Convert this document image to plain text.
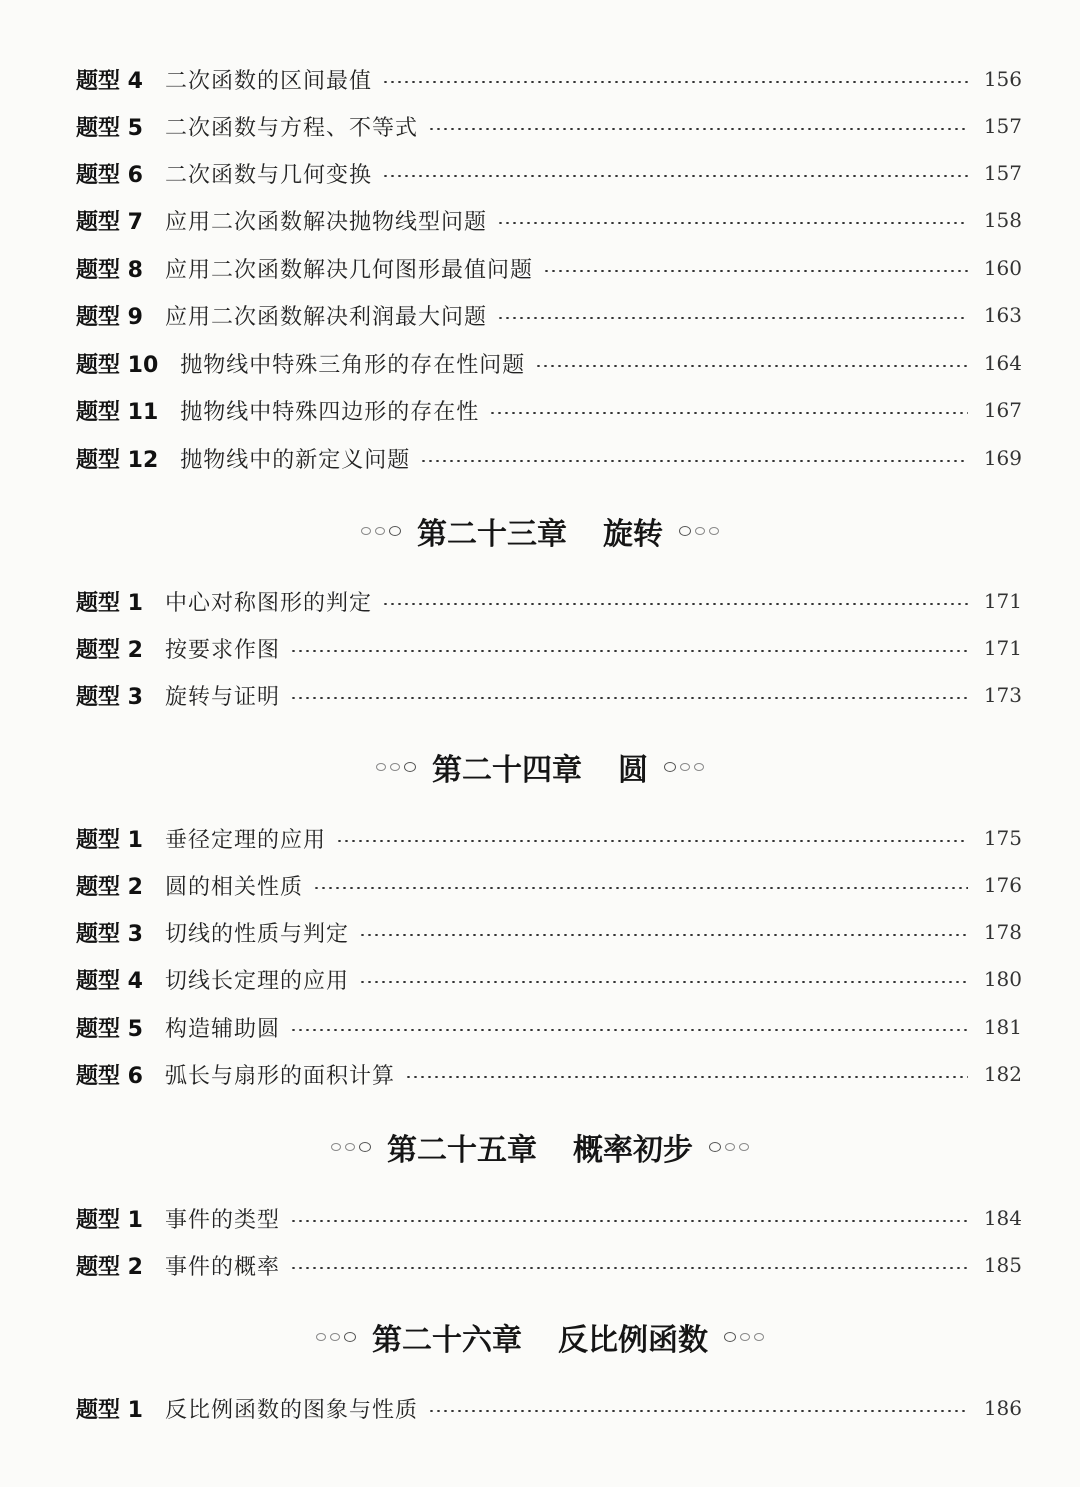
题型 4	二次函数的区间最值	156
题型 5	二次函数与方程、不等式	157
题型 6	二次函数与几何变换	157
题型 7	应用二次函数解决抛物线型问题	158
题型 8	应用二次函数解决几何图形最值问题	160
题型 9	应用二次函数解决利润最大问题	163
题型 10	抛物线中特殊三角形的存在性问题	164
题型 11	抛物线中特殊四边形的存在性	167
题型 12	抛物线中的新定义问题	169
第二十三章 旋转
题型 1	中心对称图形的判定	171
题型 2	按要求作图	171
题型 3	旋转与证明	173
第二十四章 圆
题型 1	垂径定理的应用	175
题型 2	圆的相关性质	176
题型 3	切线的性质与判定	178
题型 4	切线长定理的应用	180
题型 5	构造辅助圆	181
题型 6	弧长与扇形的面积计算	182
第二十五章 概率初步
题型 1	事件的类型	184
题型 2	事件的概率	185
第二十六章 反比例函数
题型 1	反比例函数的图象与性质	186
